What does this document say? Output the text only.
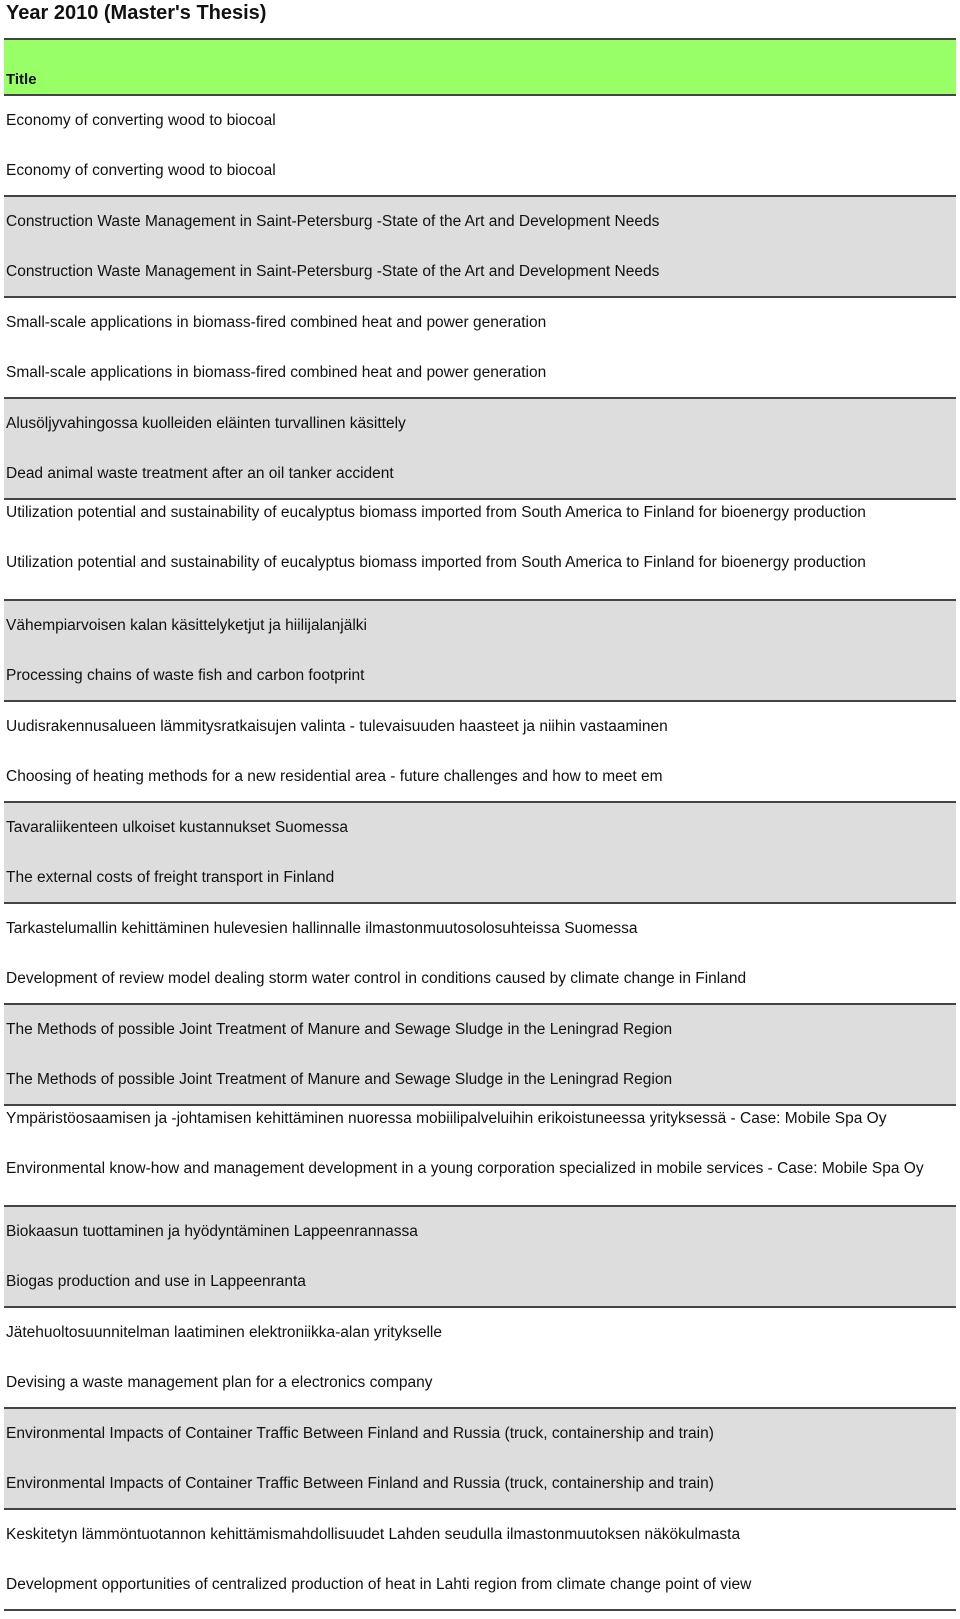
Year 2010 (Master's Thesis)
Title
Economy of converting wood to biocoal
Economy of converting wood to biocoal
Construction Waste Management in Saint-Petersburg -State of the Art and Development Needs
Construction Waste Management in Saint-Petersburg -State of the Art and Development Needs
Small-scale applications in biomass-fired combined heat and power generation
Small-scale applications in biomass-fired combined heat and power generation
Alusöljyvahingossa kuolleiden eläinten turvallinen käsittely
Dead animal waste treatment after an oil tanker accident
Utilization potential and sustainability of eucalyptus biomass imported from South America to Finland for bioenergy production
Utilization potential and sustainability of eucalyptus biomass imported from South America to Finland for bioenergy production
Vähempiarvoisen kalan käsittelyketjut ja hiilijalanjälki
Processing chains of waste fish and carbon footprint
Uudisrakennusalueen lämmitysratkaisujen valinta - tulevaisuuden haasteet ja niihin vastaaminen
Choosing of heating methods for a new residential area - future challenges and how to meet em
Tavaraliikenteen ulkoiset kustannukset Suomessa
The external costs of freight transport in Finland
Tarkastelumallin kehittäminen hulevesien hallinnalle ilmastonmuutosolosuhteissa Suomessa
Development of review model dealing storm water control in conditions caused by climate change in Finland
The Methods of possible Joint Treatment of Manure and Sewage Sludge in the Leningrad Region
The Methods of possible Joint Treatment of Manure and Sewage Sludge in the Leningrad Region
Ympäristöosaamisen ja -johtamisen kehittäminen nuoressa mobiilipalveluihin erikoistuneessa yrityksessä - Case: Mobile Spa Oy
Environmental know-how and management development in a young corporation specialized in mobile services - Case: Mobile Spa Oy
Biokaasun tuottaminen ja hyödyntäminen Lappeenrannassa
Biogas production and use in Lappeenranta
Jätehuoltosuunnitelman laatiminen elektroniikka-alan yritykselle
Devising a waste management plan for a electronics company
Environmental Impacts of Container Traffic Between Finland and Russia (truck, containership and train)
Environmental Impacts of Container Traffic Between Finland and Russia (truck, containership and train)
Keskitetyn lämmöntuotannon kehittämismahdollisuudet Lahden seudulla ilmastonmuutoksen näkökulmasta
Development opportunities of centralized production of heat in Lahti region from climate change point of view
